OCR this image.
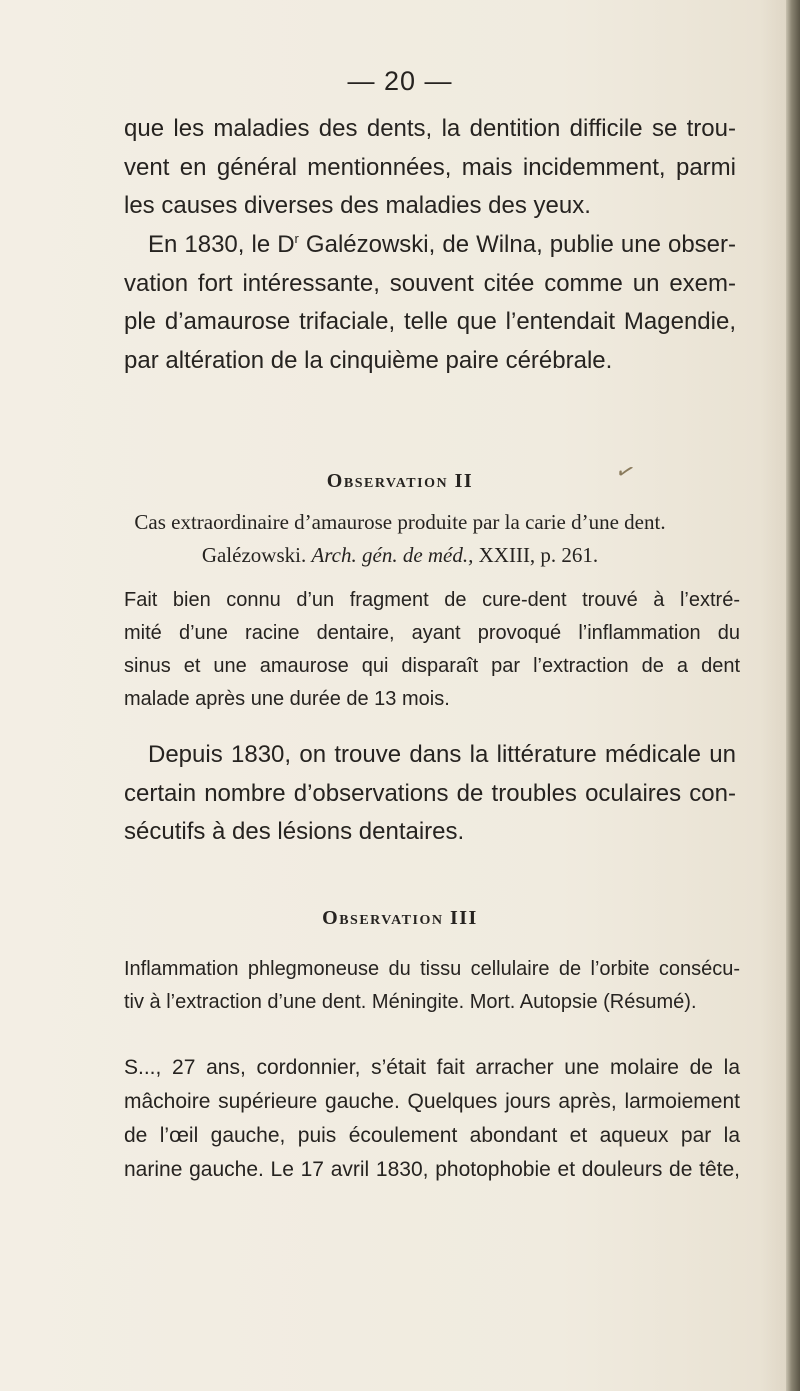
— 20 —

que les maladies des dents, la dentition difficile se trou-
vent en général mentionnées, mais incidemment, parmi
les causes diverses des maladies des yeux.

En 1830, le $D^r$ Galézowski, de Wilna, publie une obser-
vation fort intéressante, souvent citée comme un exem-
ple d’amaurose trifaciale, telle que l’entendait Magendie,
par altération de la cinquième paire cérébrale.

✓
Observation II

Cas extraordinaire d’amaurose produite par la carie d’une dent.
Galézowski. Arch. gén. de méd., XXIII, p. 261.

Fait bien connu d’un fragment de cure-dent trouvé à l’extré-
mité d’une racine dentaire, ayant provoqué l’inflammation du
sinus et une amaurose qui disparaît par l’extraction de a dent
malade après une durée de 13 mois.

Depuis 1830, on trouve dans la littérature médicale un
certain nombre d’observations de troubles oculaires con-
sécutifs à des lésions dentaires.

Observation III

Inflammation phlegmoneuse du tissu cellulaire de l’orbite consécu-
tiv à l’extraction d’une dent. Méningite. Mort. Autopsie (Résumé).

S..., 27 ans, cordonnier, s’était fait arracher une molaire de la
mâchoire supérieure gauche. Quelques jours après, larmoiement
de l’œil gauche, puis écoulement abondant et aqueux par la
narine gauche. Le 17 avril 1830, photophobie et douleurs de tête,
